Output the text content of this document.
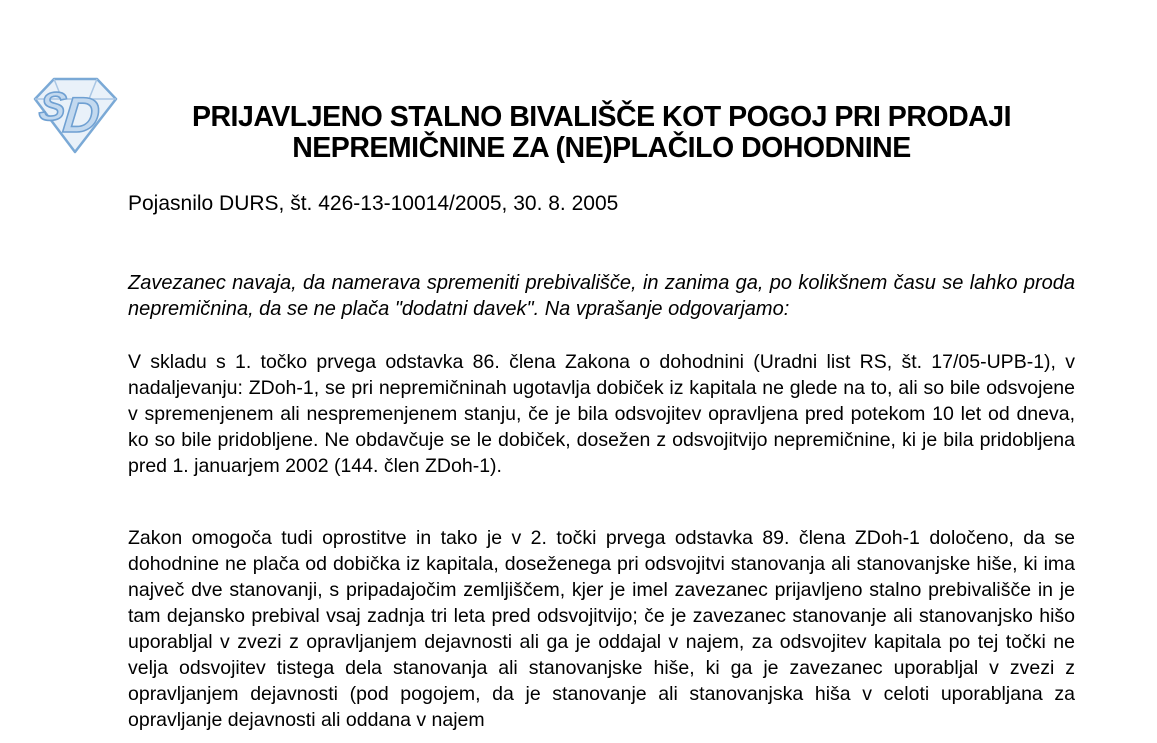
S
D	PRIJAVLJENO STALNO BIVALIŠČE KOT POGOJ PRI PRODAJI
NEPREMIČNINE ZA (NE)PLAČILO DOHODNINE

Pojasnilo DURS, št. 426-13-10014/2005, 30. 8. 2005

Zavezanec navaja, da namerava spremeniti prebivališče, in zanima ga, po kolikšnem času se lahko proda nepremičnina, da se ne plača "dodatni davek". Na vprašanje odgovarjamo:

V skladu s 1. točko prvega odstavka 86. člena Zakona o dohodnini (Uradni list RS, št. 17/05-UPB-1), v nadaljevanju: ZDoh-1, se pri nepremičninah ugotavlja dobiček iz kapitala ne glede na to, ali so bile odsvojene v spremenjenem ali nespremenjenem stanju, če je bila odsvojitev opravljena pred potekom 10 let od dneva, ko so bile pridobljene. Ne obdavčuje se le dobiček, dosežen z odsvojitvijo nepremičnine, ki je bila pridobljena pred 1. januarjem 2002 (144. člen ZDoh-1).

Zakon omogoča tudi oprostitve in tako je v 2. točki prvega odstavka 89. člena ZDoh-1 določeno, da se dohodnine ne plača od dobička iz kapitala, doseženega pri odsvojitvi stanovanja ali stanovanjske hiše, ki ima največ dve stanovanji, s pripadajočim zemljiščem, kjer je imel zavezanec prijavljeno stalno prebivališče in je tam dejansko prebival vsaj zadnja tri leta pred odsvojitvijo; če je zavezanec stanovanje ali stanovanjsko hišo uporabljal v zvezi z opravljanjem dejavnosti ali ga je oddajal v najem, za odsvojitev kapitala po tej točki ne velja odsvojitev tistega dela stanovanja ali stanovanjske hiše, ki ga je zavezanec uporabljal v zvezi z opravljanjem dejavnosti (pod pogojem, da je stanovanje ali stanovanjska hiša v celoti uporabljana za opravljanje dejavnosti ali oddana v najem
